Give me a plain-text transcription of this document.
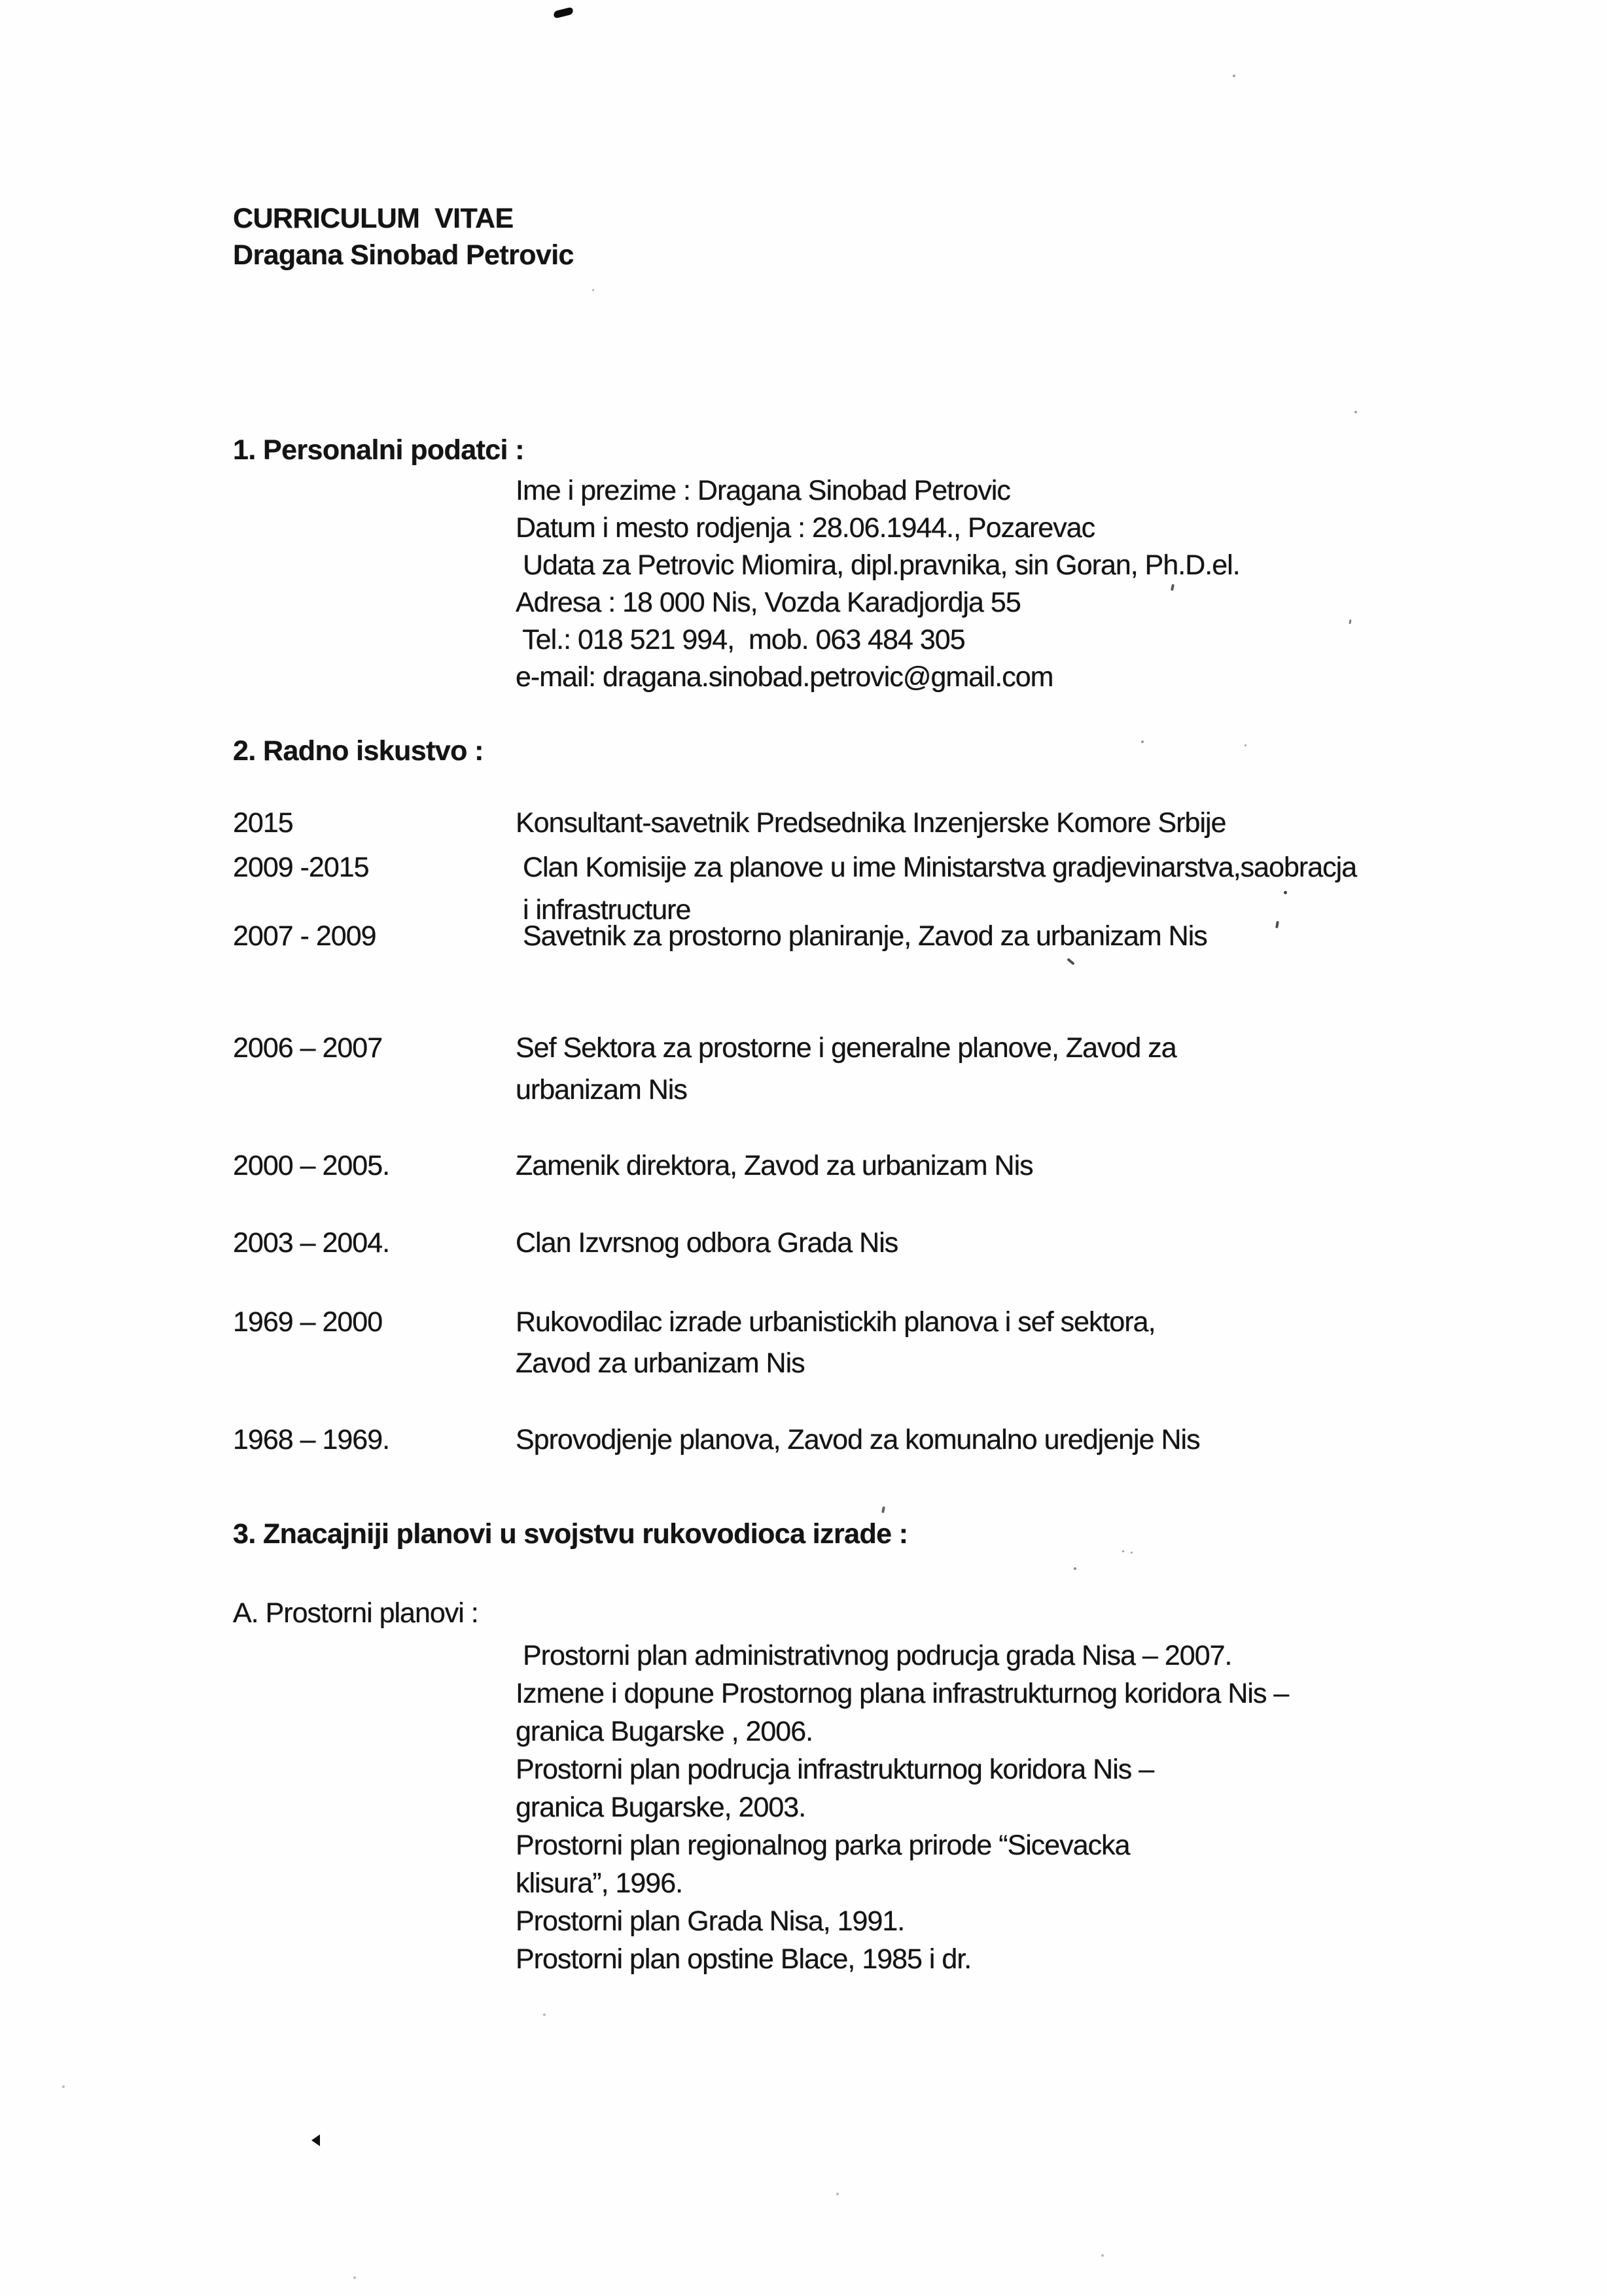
CURRICULUM  VITAE
Dragana Sinobad Petrovic
1. Personalni podatci :
Ime i prezime : Dragana Sinobad Petrovic
Datum i mesto rodjenja : 28.06.1944., Pozarevac
Udata za Petrovic Miomira, dipl.pravnika, sin Goran, Ph.D.el.
Adresa : 18 000 Nis, Vozda Karadjordja 55
Tel.: 018 521 994,  mob. 063 484 305
e-mail: dragana.sinobad.petrovic@gmail.com
2. Radno iskustvo :
2015	Konsultant-savetnik Predsednika Inzenjerske Komore Srbije
2009 -2015	Clan Komisije za planove u ime Ministarstva gradjevinarstva,saobracja
i infrastructure
2007 - 2009	Savetnik za prostorno planiranje, Zavod za urbanizam Nis
2006 – 2007	Sef Sektora za prostorne i generalne planove, Zavod za
urbanizam Nis
2000 – 2005.	Zamenik direktora, Zavod za urbanizam Nis
2003 – 2004.	Clan Izvrsnog odbora Grada Nis
1969 – 2000	Rukovodilac izrade urbanistickih planova i sef sektora,
Zavod za urbanizam Nis
1968 – 1969.	Sprovodjenje planova, Zavod za komunalno uredjenje Nis
3. Znacajniji planovi u svojstvu rukovodioca izrade :
A. Prostorni planovi :
Prostorni plan administrativnog podrucja grada Nisa – 2007.
Izmene i dopune Prostornog plana infrastrukturnog koridora Nis –
granica Bugarske , 2006.
Prostorni plan podrucja infrastrukturnog koridora Nis –
granica Bugarske, 2003.
Prostorni plan regionalnog parka prirode “Sicevacka
klisura”, 1996.
Prostorni plan Grada Nisa, 1991.
Prostorni plan opstine Blace, 1985 i dr.
